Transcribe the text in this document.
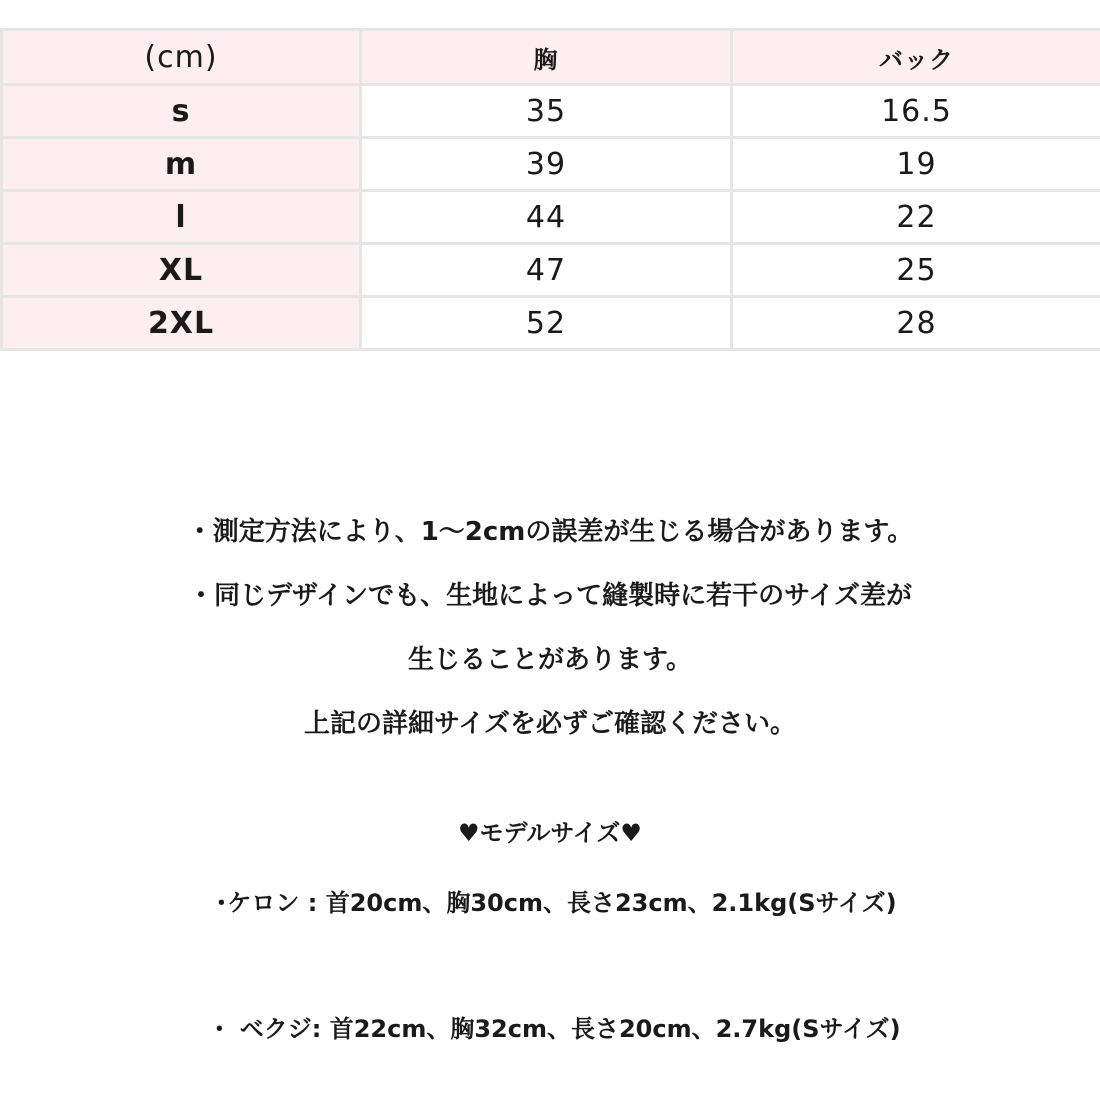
(cm)	胸	バック
s	35	16.5
m	39	19
l	44	22
XL	47	25
2XL	52	28
・測定方法により、1〜2cmの誤差が生じる場合があります。
・同じデザインでも、生地によって縫製時に若干のサイズ差が
生じることがあります。
上記の詳細サイズを必ずご確認ください。
♥モデルサイズ♥
･ケロン : 首20cm、胸30cm、長さ23cm、2.1kg(Sサイズ)
・ ベクジ: 首22cm、胸32cm、長さ20cm、2.7kg(Sサイズ)
